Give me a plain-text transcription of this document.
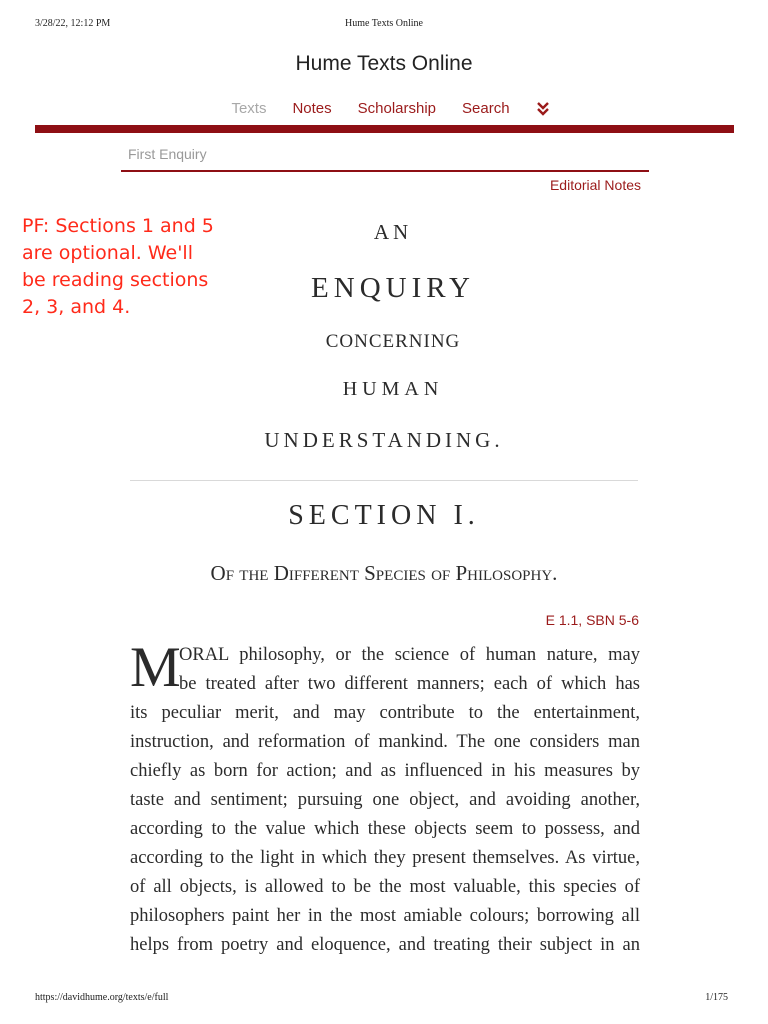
3/28/22, 12:12 PM	Hume Texts Online
Hume Texts Online
Texts Notes Scholarship Search
First Enquiry
Editorial Notes
PF: Sections 1 and 5 are optional. We'll be reading sections 2, 3, and 4.
AN
ENQUIRY
CONCERNING
HUMAN
UNDERSTANDING.
SECTION I.
Of the Different Species of Philosophy.
E 1.1, SBN 5-6
M
ORAL philosophy, or the science of human nature, may
be treated after two different manners; each of which has
its peculiar merit, and may contribute to the entertainment,
instruction, and reformation of mankind. The one considers man
chiefly as born for action; and as influenced in his measures by
taste and sentiment; pursuing one object, and avoiding another,
according to the value which these objects seem to possess, and
according to the light in which they present themselves. As virtue,
of all objects, is allowed to be the most valuable, this species of
philosophers paint her in the most amiable colours; borrowing all
helps from poetry and eloquence, and treating their subject in an
https://davidhume.org/texts/e/full	1/175
